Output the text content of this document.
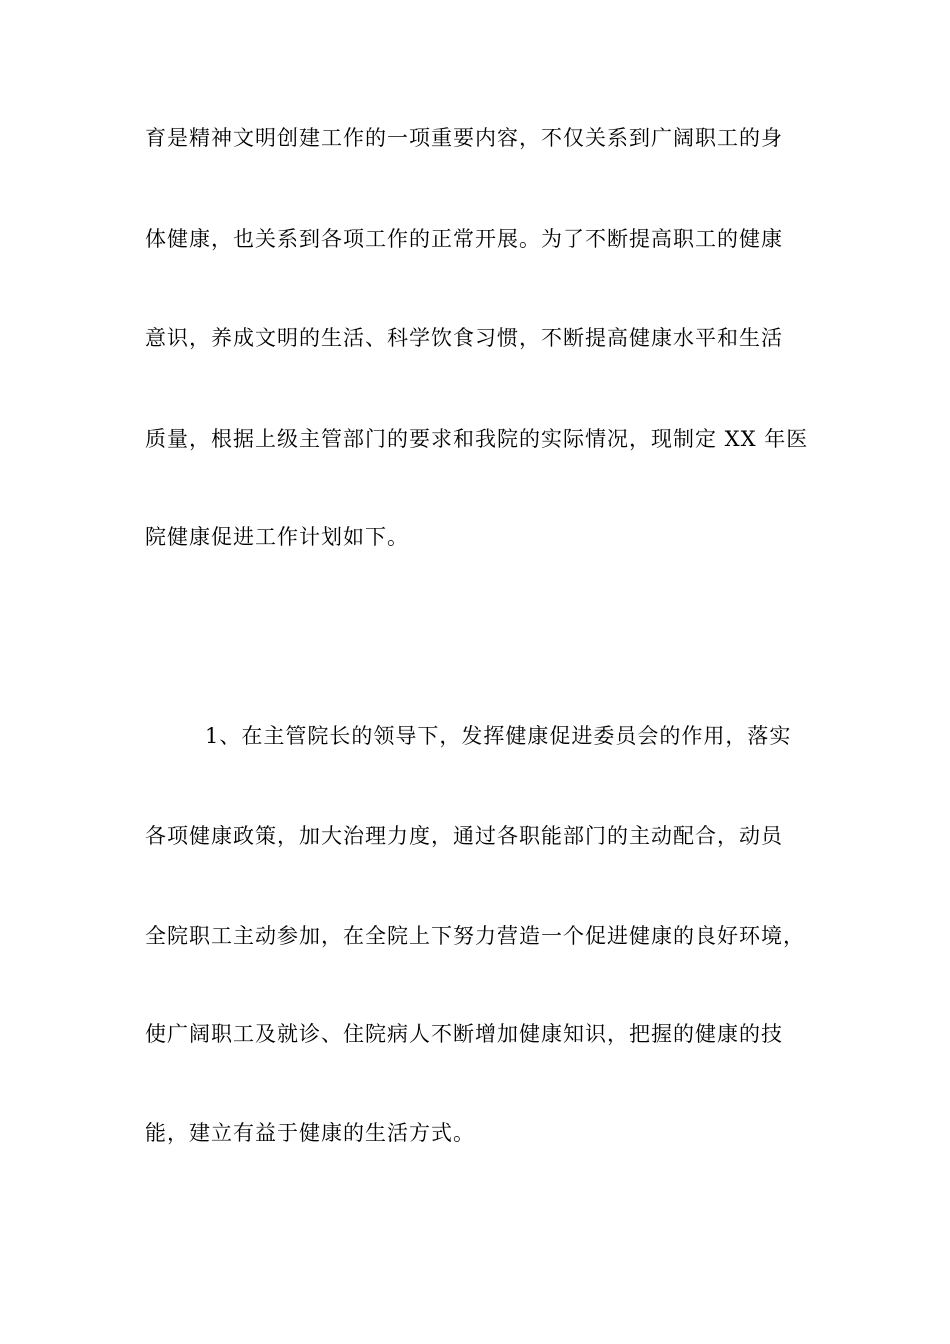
育是精神文明创建工作的一项重要内容，不仅关系到广阔职工的身
体健康，也关系到各项工作的正常开展。为了不断提高职工的健康
意识，养成文明的生活、科学饮食习惯，不断提高健康水平和生活
质量，根据上级主管部门的要求和我院的实际情况，现制定 XX 年医
院健康促进工作计划如下。
1、在主管院长的领导下，发挥健康促进委员会的作用，落实
各项健康政策，加大治理力度，通过各职能部门的主动配合，动员
全院职工主动参加，在全院上下努力营造一个促进健康的良好环境，
使广阔职工及就诊、住院病人不断增加健康知识，把握的健康的技
能，建立有益于健康的生活方式。
